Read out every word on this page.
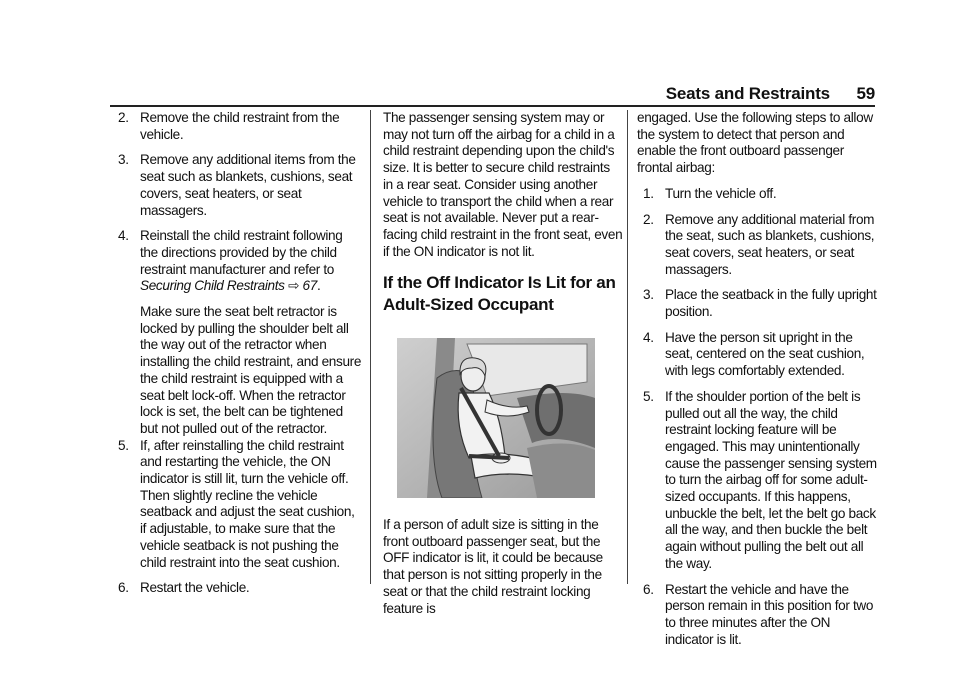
Seats and Restraints 59
2. Remove the child restraint from the vehicle.
3. Remove any additional items from the seat such as blankets, cushions, seat covers, seat heaters, or seat massagers.
4. Reinstall the child restraint following the directions provided by the child restraint manufacturer and refer to Securing Child Restraints ⇨ 67.
Make sure the seat belt retractor is locked by pulling the shoulder belt all the way out of the retractor when installing the child restraint, and ensure the child restraint is equipped with a seat belt lock-off. When the retractor lock is set, the belt can be tightened but not pulled out of the retractor.
5. If, after reinstalling the child restraint and restarting the vehicle, the ON indicator is still lit, turn the vehicle off. Then slightly recline the vehicle seatback and adjust the seat cushion, if adjustable, to make sure that the vehicle seatback is not pushing the child restraint into the seat cushion.
6. Restart the vehicle.

The passenger sensing system may or may not turn off the airbag for a child in a child restraint depending upon the child's size. It is better to secure child restraints in a rear seat. Consider using another vehicle to transport the child when a rear seat is not available. Never put a rear-facing child restraint in the front seat, even if the ON indicator is not lit.

If the Off Indicator Is Lit for an Adult-Sized Occupant

If a person of adult size is sitting in the front outboard passenger seat, but the OFF indicator is lit, it could be because that person is not sitting properly in the seat or that the child restraint locking feature is

engaged. Use the following steps to allow the system to detect that person and enable the front outboard passenger frontal airbag:

1. Turn the vehicle off.
2. Remove any additional material from the seat, such as blankets, cushions, seat covers, seat heaters, or seat massagers.
3. Place the seatback in the fully upright position.
4. Have the person sit upright in the seat, centered on the seat cushion, with legs comfortably extended.
5. If the shoulder portion of the belt is pulled out all the way, the child restraint locking feature will be engaged. This may unintentionally cause the passenger sensing system to turn the airbag off for some adult-sized occupants. If this happens, unbuckle the belt, let the belt go back all the way, and then buckle the belt again without pulling the belt out all the way.
6. Restart the vehicle and have the person remain in this position for two to three minutes after the ON indicator is lit.
